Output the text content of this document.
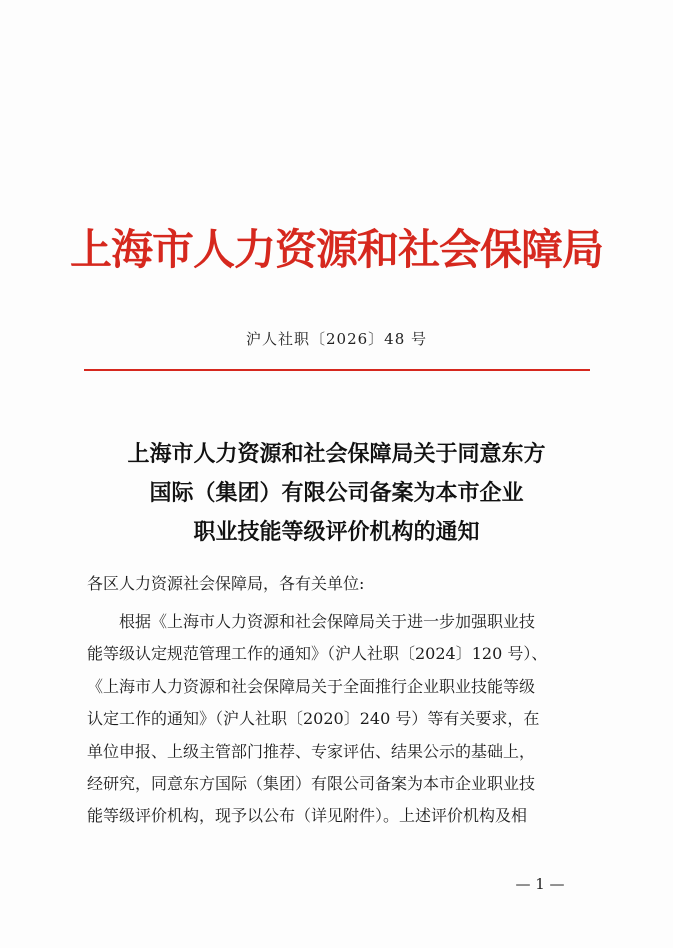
上海市人力资源和社会保障局
沪人社职〔2026〕48 号
上海市人力资源和社会保障局关于同意东方
国际（集团）有限公司备案为本市企业
职业技能等级评价机构的通知
各区人力资源社会保障局，各有关单位:
根据《上海市人力资源和社会保障局关于进一步加强职业技
能等级认定规范管理工作的通知》（沪人社职〔2024〕120 号）、
《上海市人力资源和社会保障局关于全面推行企业职业技能等级
认定工作的通知》（沪人社职〔2020〕240 号）等有关要求，在
单位申报、上级主管部门推荐、专家评估、结果公示的基础上，
经研究，同意东方国际（集团）有限公司备案为本市企业职业技
能等级评价机构，现予以公布（详见附件）。上述评价机构及相
— 1 —
